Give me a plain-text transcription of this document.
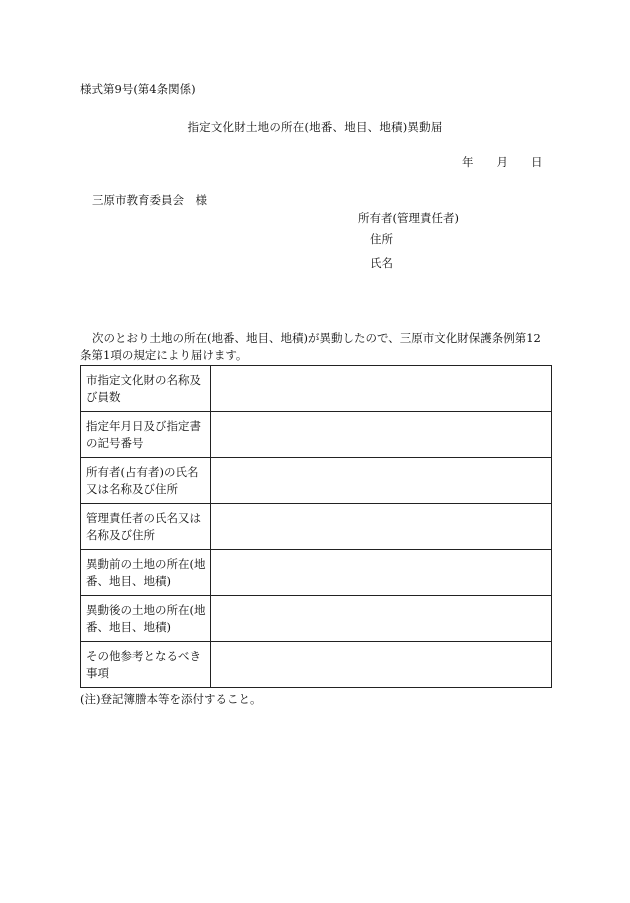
様式第9号(第4条関係)
指定文化財土地の所在(地番、地目、地積)異動届
年 月 日
三原市教育委員会　様
所有者(管理責任者)
住所
氏名
次のとおり土地の所在(地番、地目、地積)が異動したので、三原市文化財保護条例第12
条第1項の規定により届けます。
市指定文化財の名称及び員数	
指定年月日及び指定書の記号番号	
所有者(占有者)の氏名又は名称及び住所	
管理責任者の氏名又は名称及び住所	
異動前の土地の所在(地番、地目、地積)	
異動後の土地の所在(地番、地目、地積)	
その他参考となるべき事項	
(注)登記簿謄本等を添付すること。
